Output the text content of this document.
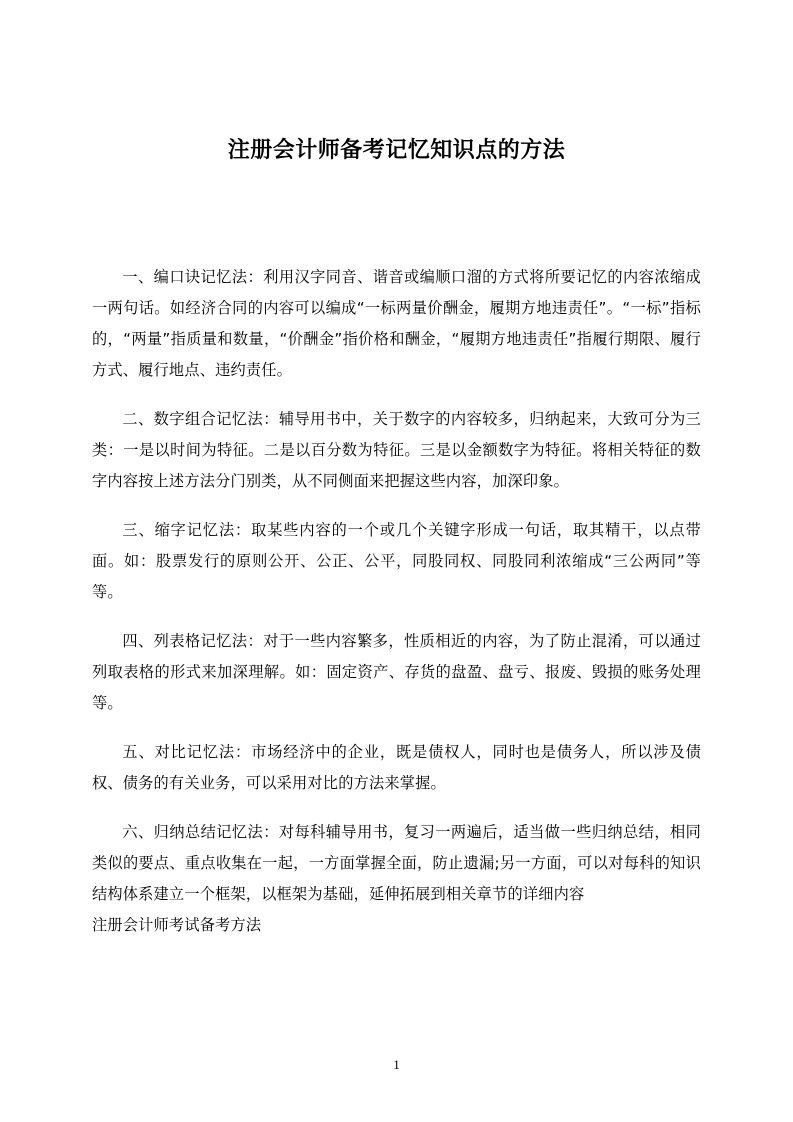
注册会计师备考记忆知识点的方法

一、编口诀记忆法：利用汉字同音、谐音或编顺口溜的方式将所要记忆的内容浓缩成一两句话。如经济合同的内容可以编成“一标两量价酬金，履期方地违责任”。“一标”指标的，“两量”指质量和数量，“价酬金”指价格和酬金，“履期方地违责任”指履行期限、履行方式、履行地点、违约责任。

二、数字组合记忆法：辅导用书中，关于数字的内容较多，归纳起来，大致可分为三类：一是以时间为特征。二是以百分数为特征。三是以金额数字为特征。将相关特征的数字内容按上述方法分门别类，从不同侧面来把握这些内容，加深印象。

三、缩字记忆法：取某些内容的一个或几个关键字形成一句话，取其精干，以点带面。如：股票发行的原则公开、公正、公平，同股同权、同股同利浓缩成“三公两同”等等。

四、列表格记忆法：对于一些内容繁多，性质相近的内容，为了防止混淆，可以通过列取表格的形式来加深理解。如：固定资产、存货的盘盈、盘亏、报废、毁损的账务处理等。

五、对比记忆法：市场经济中的企业，既是债权人，同时也是债务人，所以涉及债权、债务的有关业务，可以采用对比的方法来掌握。

六、归纳总结记忆法：对每科辅导用书，复习一两遍后，适当做一些归纳总结，相同类似的要点、重点收集在一起，一方面掌握全面，防止遗漏;另一方面，可以对每科的知识结构体系建立一个框架，以框架为基础，延伸拓展到相关章节的详细内容

注册会计师考试备考方法

1
